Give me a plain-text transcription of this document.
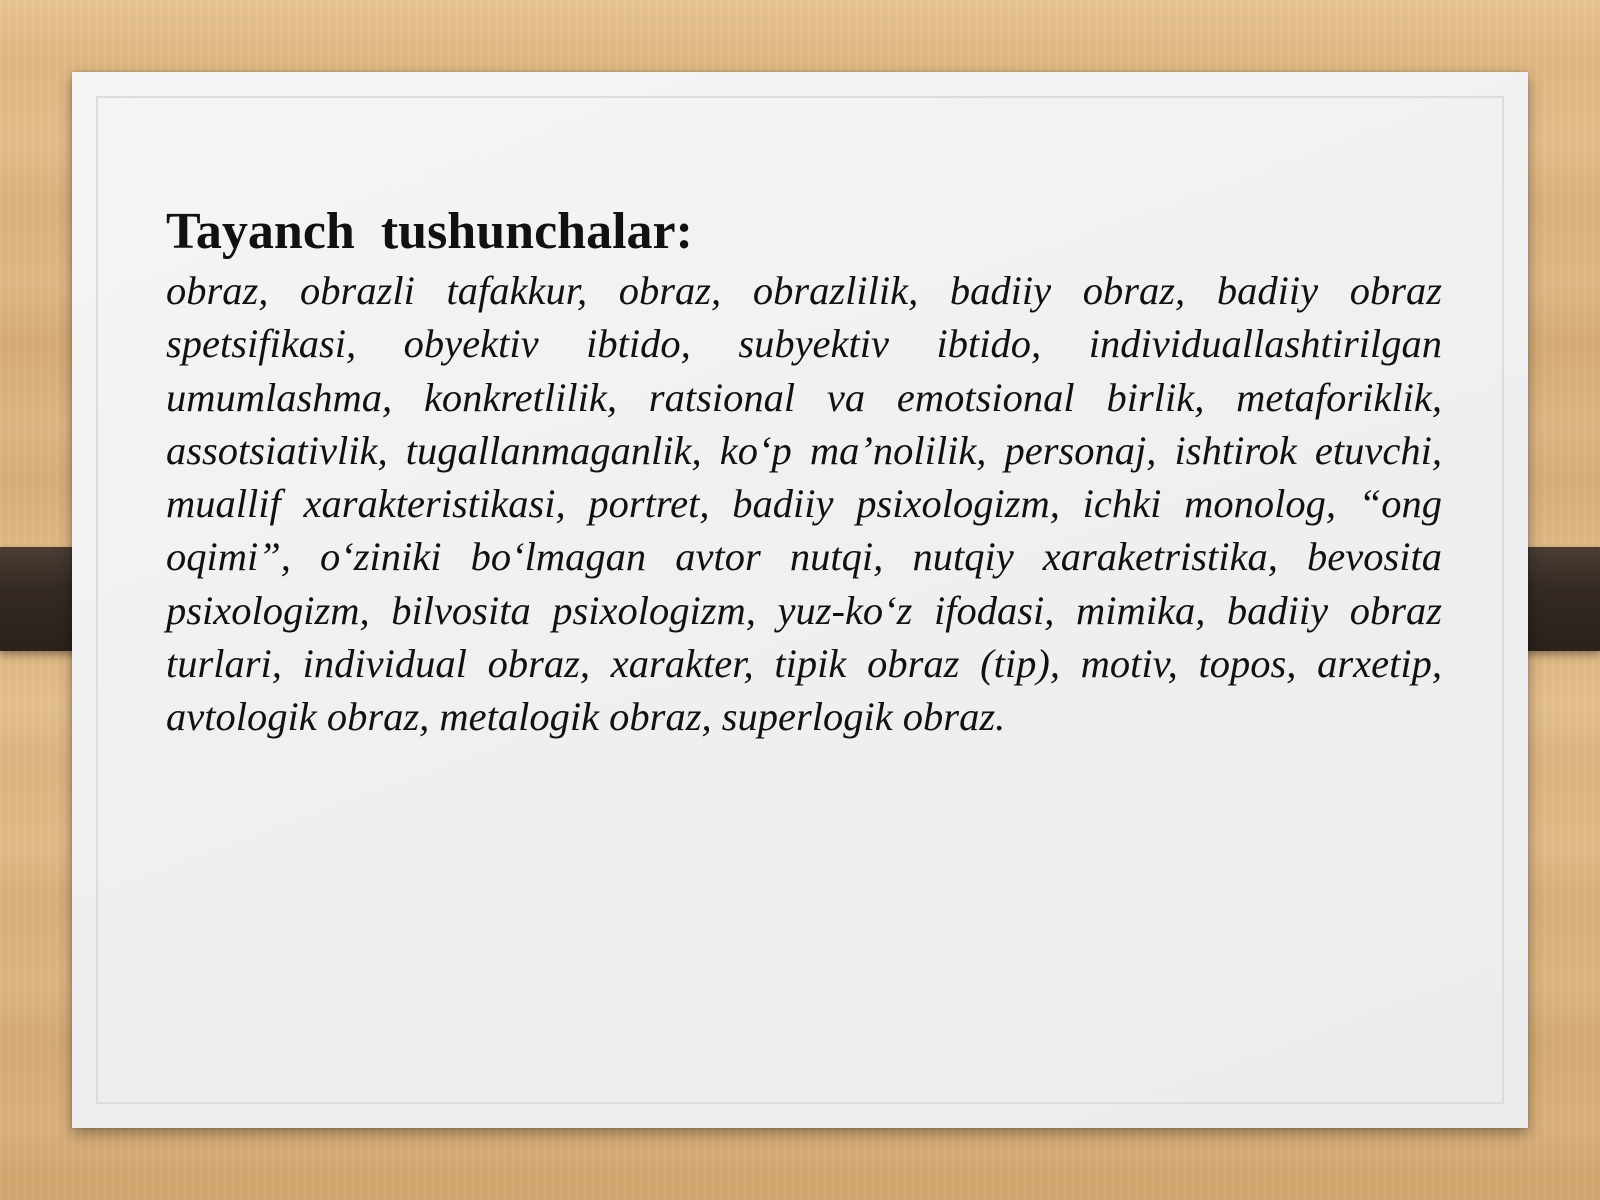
Tayanch  tushunchalar:

obraz, obrazli tafakkur, obraz, obrazlilik, badiiy obraz, badiiy obraz spetsifikasi, obyektiv ibtido, subyektiv ibtido, individuallashtirilgan umumlashma, konkretlilik, ratsional va emotsional birlik, metaforiklik, assotsiativlik, tugallanmaganlik, ko‘p ma’nolilik, personaj, ishtirok etuvchi, muallif xarakteristikasi, portret, badiiy psixologizm, ichki monolog, “ong oqimi”, o‘ziniki bo‘lmagan avtor nutqi, nutqiy xaraketristika, bevosita psixologizm, bilvosita psixologizm, yuz-ko‘z ifodasi, mimika, badiiy obraz turlari, individual obraz, xarakter, tipik obraz (tip), motiv, topos, arxetip, avtologik obraz, metalogik obraz, superlogik obraz.
